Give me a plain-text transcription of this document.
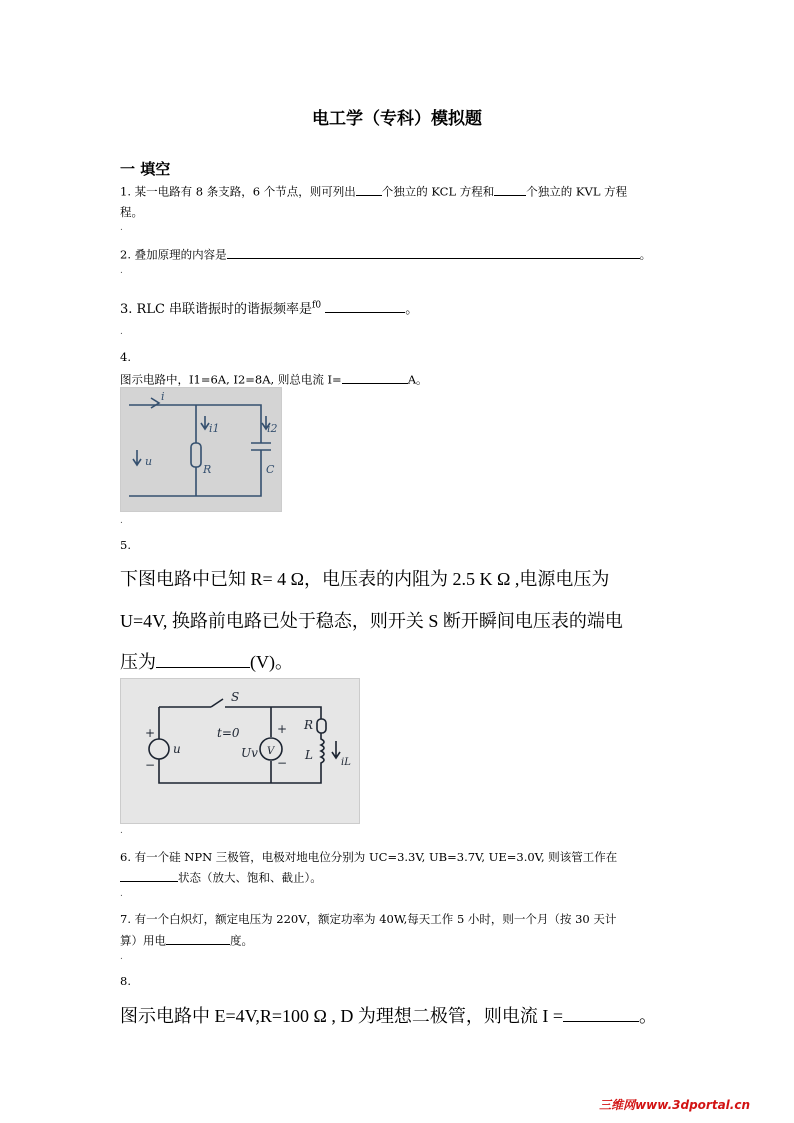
电工学（专科）模拟题
一 填空
1. 某一电路有 8 条支路，6 个节点，则可列出 个独立的 KCL 方程和	个独立的 KVL 方程
程。
.
2. 叠加原理的内容是	。
.
3. RLC 串联谐振时的谐振频率是$^{f0}$	。
.
4.
图示电路中，I1=6A, I2=8A, 则总电流 I=	A。
i
i1	i2
u
R	C
.
5.
下图电路中已知 R= 4 Ω，电压表的内阻为 2.5 K Ω ,电源电压为
U=4V, 换路前电路已处于稳态，则开关 S 断开瞬间电压表的端电
压为	(V)。
S
t=0
u	Uv V
R
L
iL
+
−
+
−
.
6. 有一个硅 NPN 三极管，电极对地电位分别为 UC=3.3V, UB=3.7V, UE=3.0V, 则该管工作在
状态（放大、饱和、截止）。
.
7. 有一个白炽灯，额定电压为 220V，额定功率为 40W,每天工作 5 小时，则一个月（按 30 天计
算）用电	度。
.
8.
图示电路中 E=4V,R=100 Ω , D 为理想二极管，则电流 I =	。
三维网www.3dportal.cn
